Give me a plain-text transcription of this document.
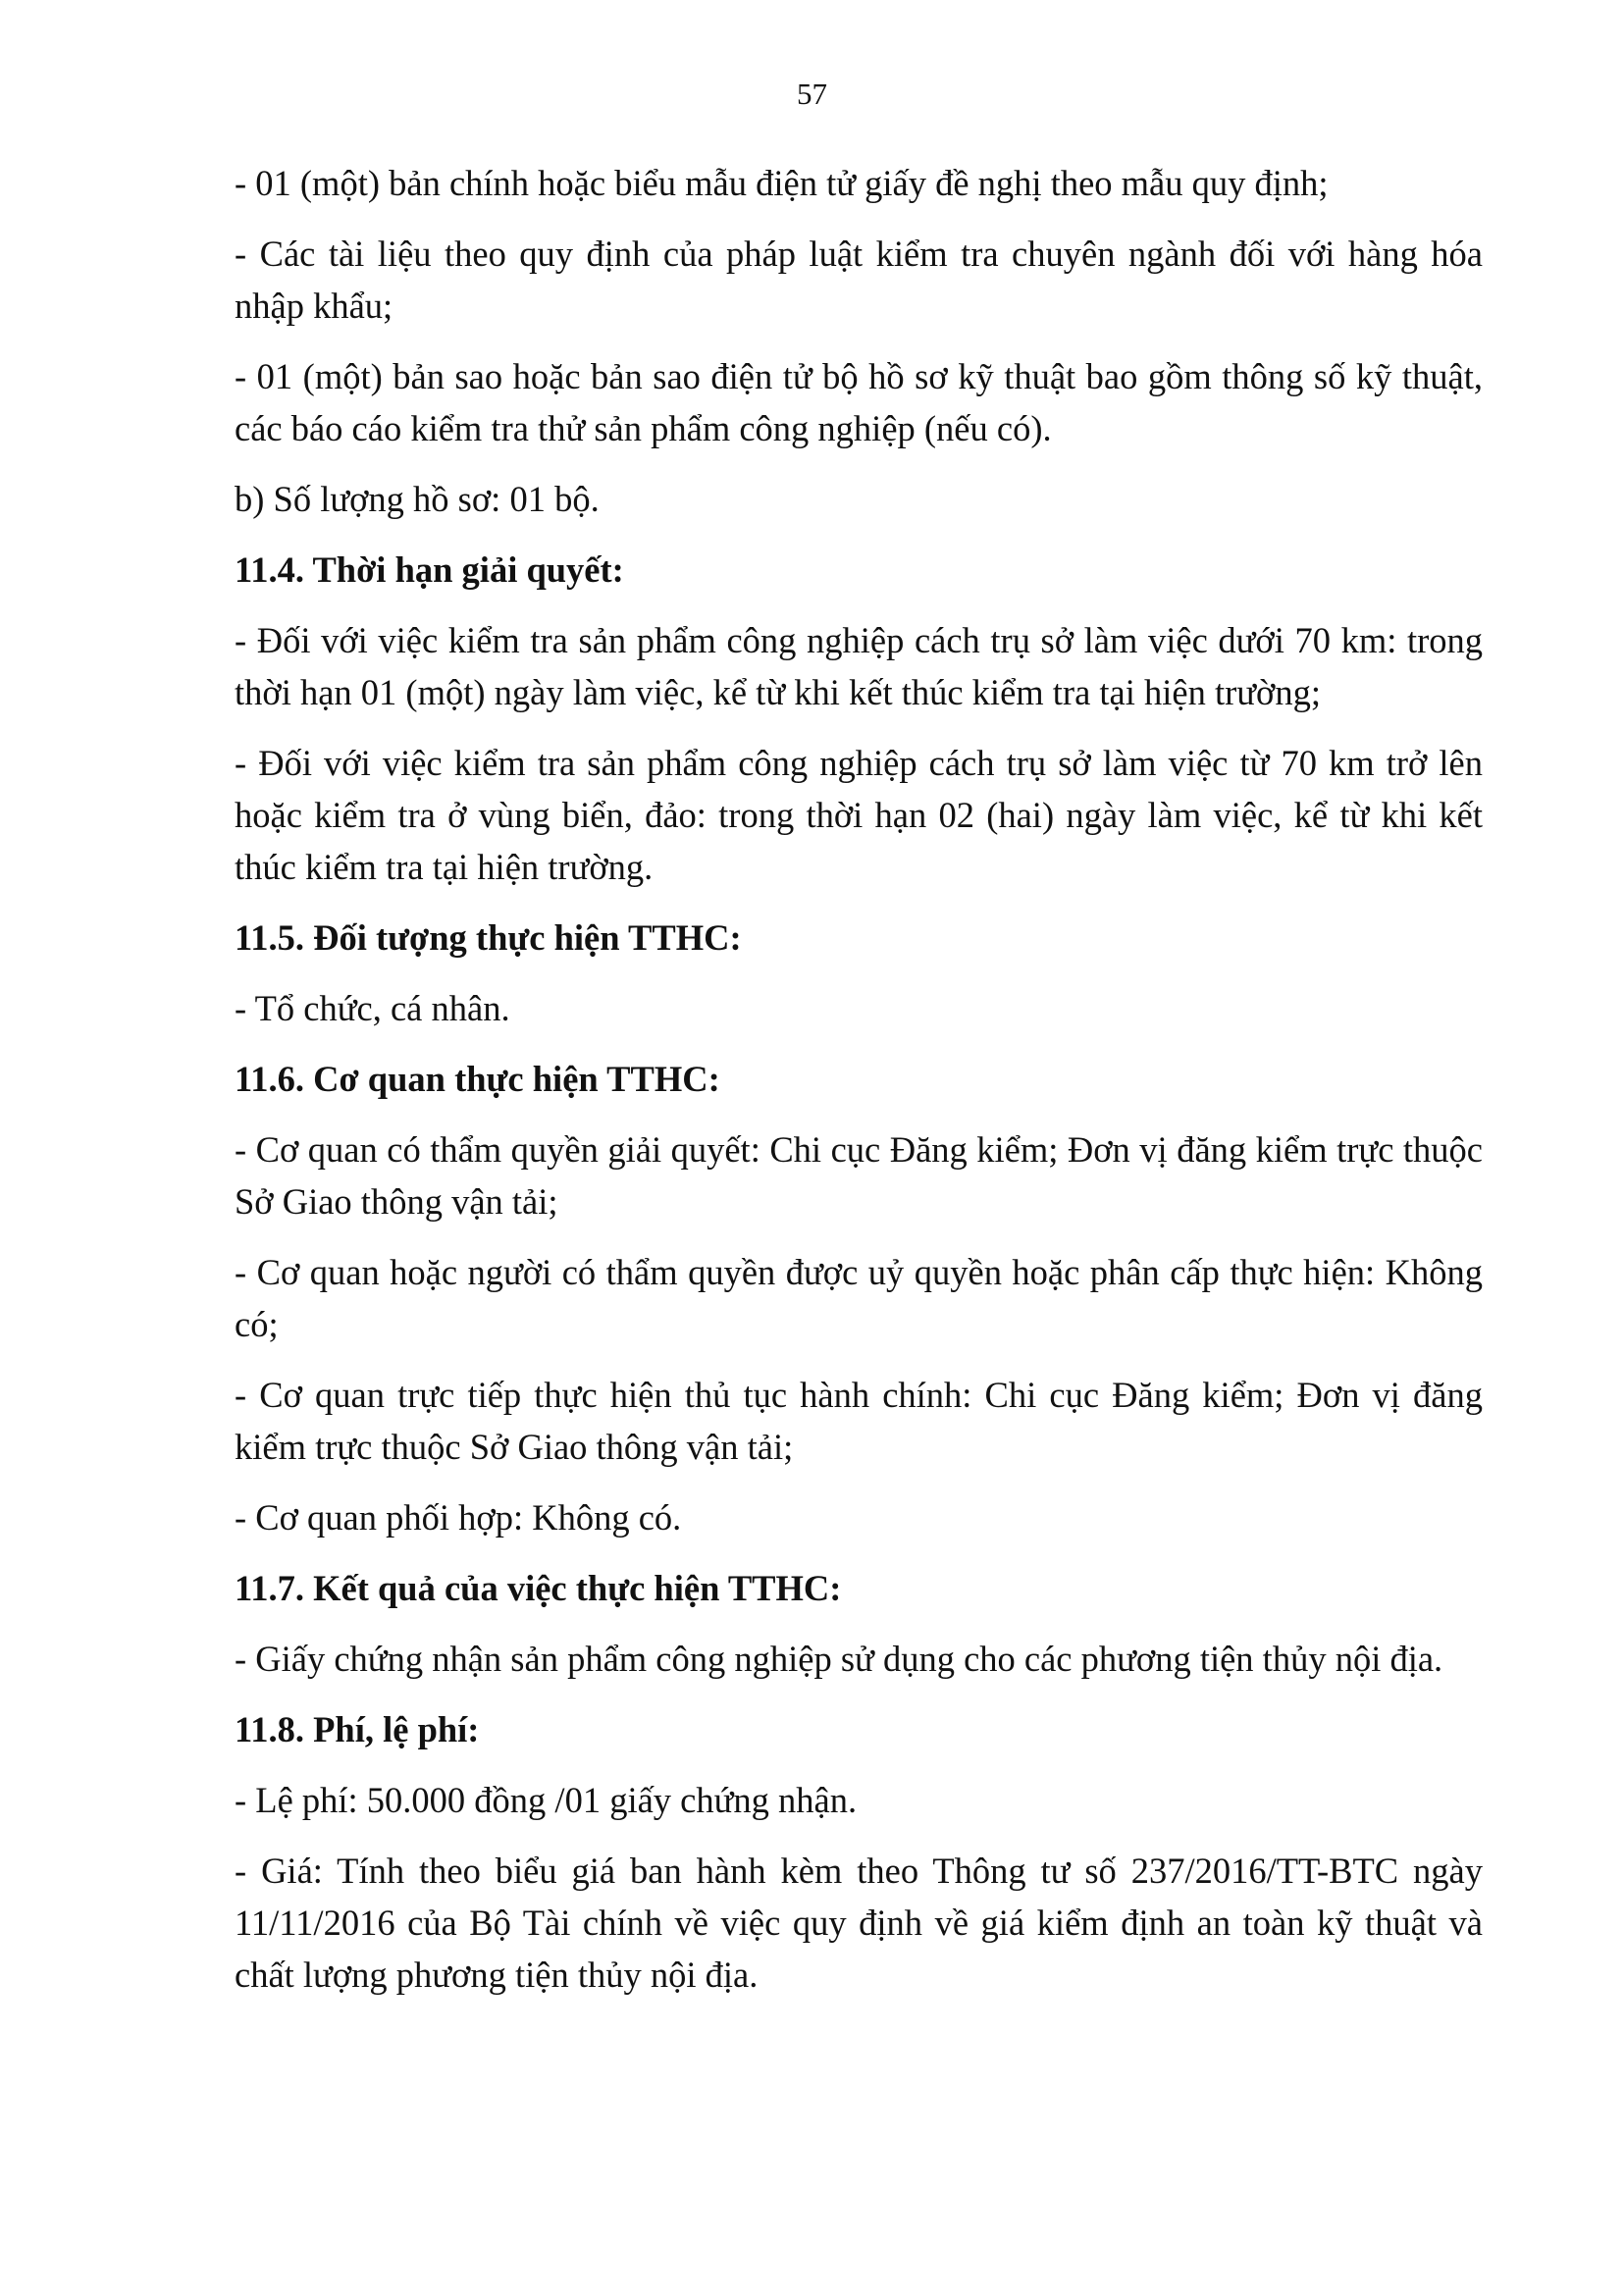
57

- 01 (một) bản chính hoặc biểu mẫu điện tử giấy đề nghị theo mẫu quy định;

- Các tài liệu theo quy định của pháp luật kiểm tra chuyên ngành đối với hàng hóa nhập khẩu;

- 01 (một) bản sao hoặc bản sao điện tử bộ hồ sơ kỹ thuật bao gồm thông số kỹ thuật, các báo cáo kiểm tra thử sản phẩm công nghiệp (nếu có).

b) Số lượng hồ sơ: 01 bộ.

11.4. Thời hạn giải quyết:

- Đối với việc kiểm tra sản phẩm công nghiệp cách trụ sở làm việc dưới 70 km: trong thời hạn 01 (một) ngày làm việc, kể từ khi kết thúc kiểm tra tại hiện trường;

- Đối với việc kiểm tra sản phẩm công nghiệp cách trụ sở làm việc từ 70 km trở lên hoặc kiểm tra ở vùng biển, đảo: trong thời hạn 02 (hai) ngày làm việc, kể từ khi kết thúc kiểm tra tại hiện trường.

11.5. Đối tượng thực hiện TTHC:

- Tổ chức, cá nhân.

11.6. Cơ quan thực hiện TTHC:

- Cơ quan có thẩm quyền giải quyết: Chi cục Đăng kiểm; Đơn vị đăng kiểm trực thuộc Sở Giao thông vận tải;

- Cơ quan hoặc người có thẩm quyền được uỷ quyền hoặc phân cấp thực hiện: Không có;

- Cơ quan trực tiếp thực hiện thủ tục hành chính: Chi cục Đăng kiểm; Đơn vị đăng kiểm trực thuộc Sở Giao thông vận tải;

- Cơ quan phối hợp: Không có.

11.7. Kết quả của việc thực hiện TTHC:

- Giấy chứng nhận sản phẩm công nghiệp sử dụng cho các phương tiện thủy nội địa.

11.8. Phí, lệ phí:

- Lệ phí: 50.000 đồng /01 giấy chứng nhận.

- Giá: Tính theo biểu giá ban hành kèm theo Thông tư số 237/2016/TT-BTC ngày 11/11/2016 của Bộ Tài chính về việc quy định về giá kiểm định an toàn kỹ thuật và chất lượng phương tiện thủy nội địa.
